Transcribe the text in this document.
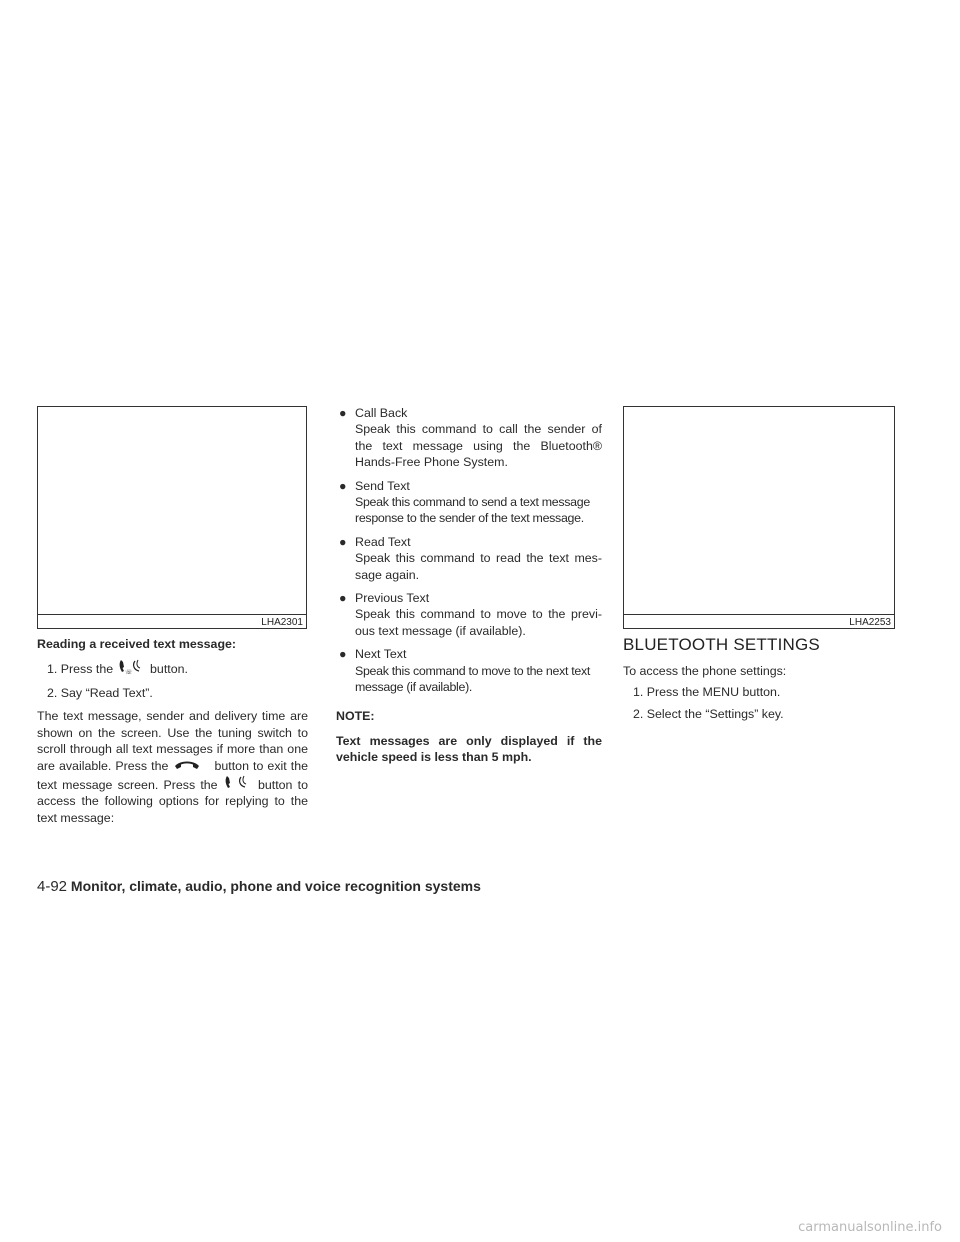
LHA2301	LHA2253

Reading a received text message:

1. Press the ☏ button.

2. Say “Read Text”.

The text message, sender and delivery time are shown on the screen. Use the tuning switch to scroll through all text messages if more than one are available. Press the	button to exit the text message screen. Press the	button to access the following options for replying to the text message:

● Call Back

Speak this command to call the sender of the text message using the Bluetooth® Hands-Free Phone System.

● Send Text

Speak this command to send a text message response to the sender of the text message.

● Read Text

Speak this command to read the text mes- sage again.

● Previous Text

Speak this command to move to the previ- ous text message (if available).

● Next Text

Speak this command to move to the next text message (if available).

NOTE:

Text messages are only displayed if the vehicle speed is less than 5 mph.

BLUETOOTH SETTINGS

To access the phone settings:

1. Press the MENU button.

2. Select the “Settings” key.

4-92 Monitor, climate, audio, phone and voice recognition systems
carmanualsonline.info
